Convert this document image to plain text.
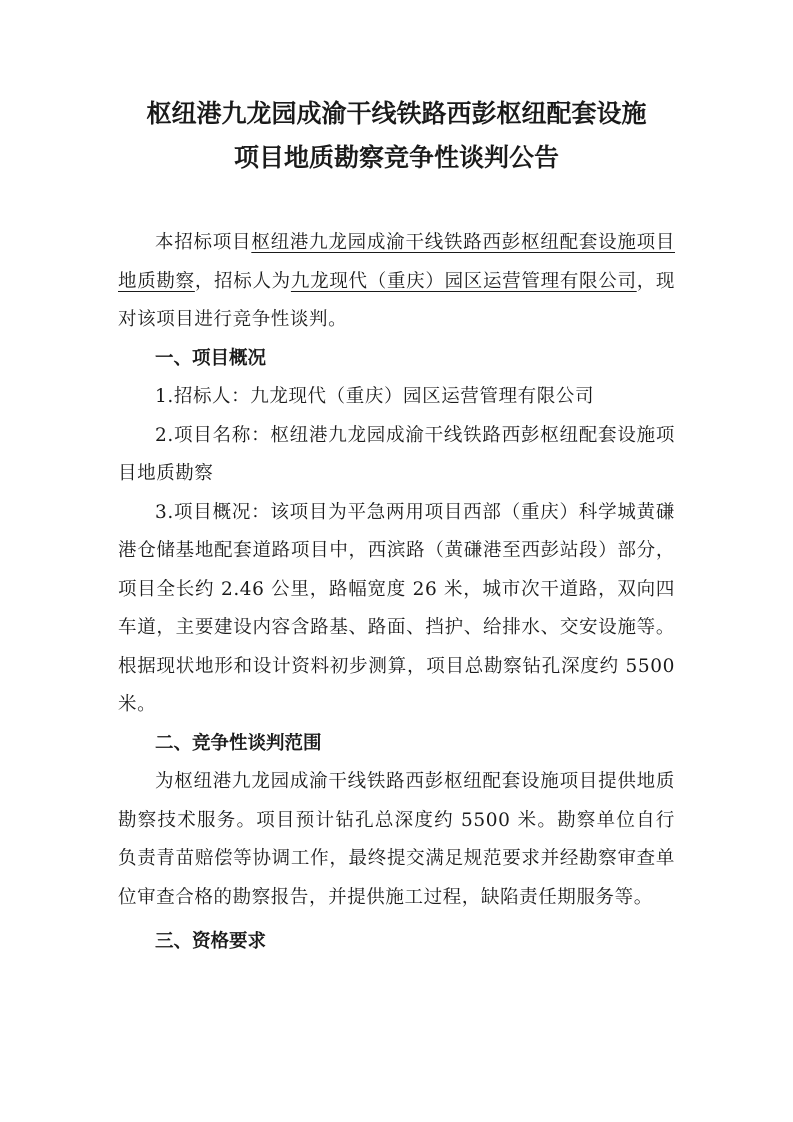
枢纽港九龙园成渝干线铁路西彭枢纽配套设施
项目地质勘察竞争性谈判公告

本招标项目枢纽港九龙园成渝干线铁路西彭枢纽配套设施项目地质勘察，招标人为九龙现代（重庆）园区运营管理有限公司，现对该项目进行竞争性谈判。

一、项目概况

1.招标人：九龙现代（重庆）园区运营管理有限公司

2.项目名称：枢纽港九龙园成渝干线铁路西彭枢纽配套设施项目地质勘察

3.项目概况：该项目为平急两用项目西部（重庆）科学城黄磏港仓储基地配套道路项目中，西滨路（黄磏港至西彭站段）部分，项目全长约 2.46 公里，路幅宽度 26 米，城市次干道路，双向四车道，主要建设内容含路基、路面、挡护、给排水、交安设施等。根据现状地形和设计资料初步测算，项目总勘察钻孔深度约 5500 米。

二、竞争性谈判范围

为枢纽港九龙园成渝干线铁路西彭枢纽配套设施项目提供地质勘察技术服务。项目预计钻孔总深度约 5500 米。勘察单位自行负责青苗赔偿等协调工作，最终提交满足规范要求并经勘察审查单位审查合格的勘察报告，并提供施工过程，缺陷责任期服务等。

三、资格要求
